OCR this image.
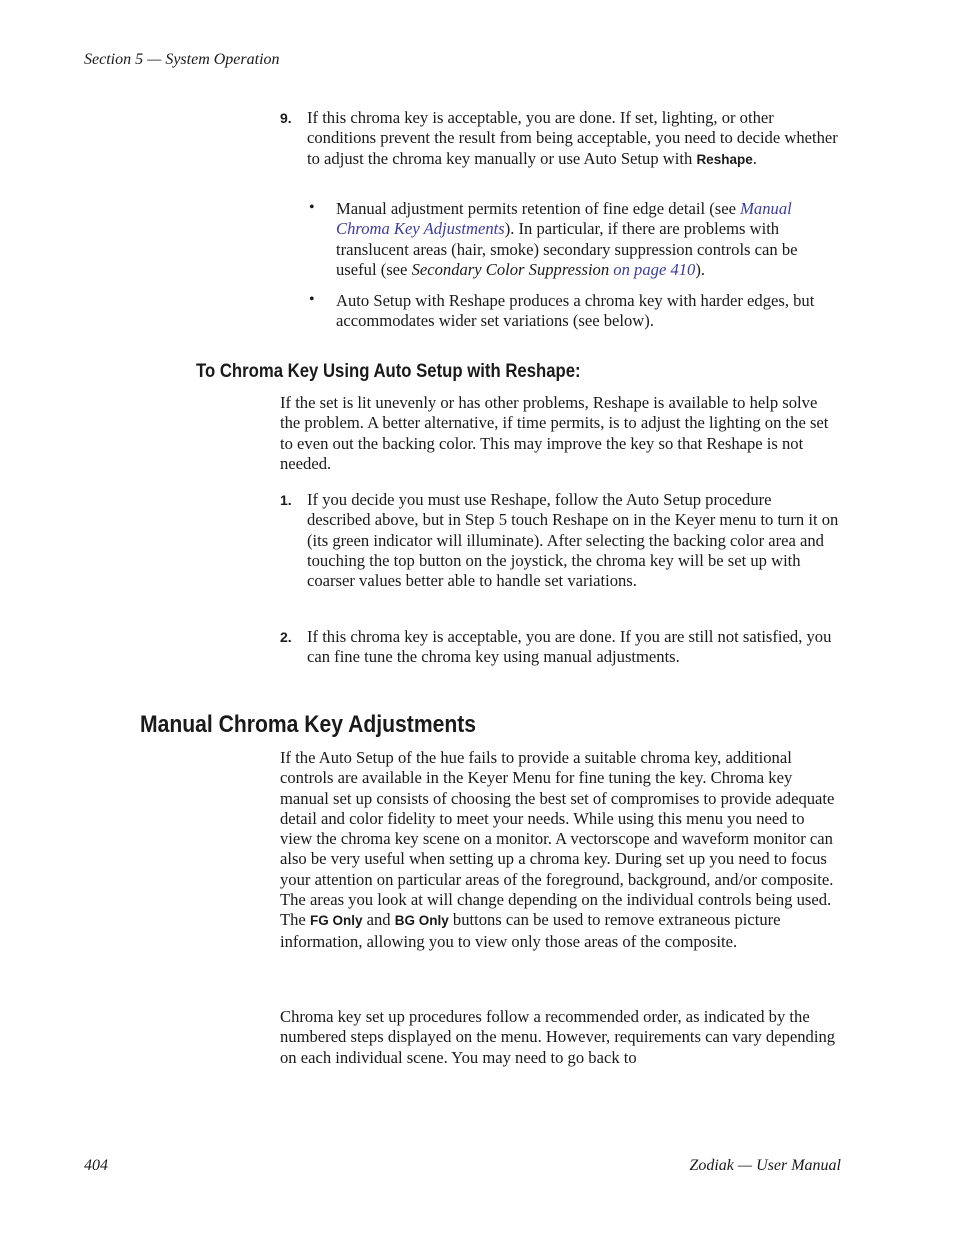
Section 5 — System Operation
9. If this chroma key is acceptable, you are done. If set, lighting, or other conditions prevent the result from being acceptable, you need to decide whether to adjust the chroma key manually or use Auto Setup with Reshape.
• Manual adjustment permits retention of fine edge detail (see Manual Chroma Key Adjustments). In particular, if there are problems with translucent areas (hair, smoke) secondary suppression controls can be useful (see Secondary Color Suppression on page 410).
• Auto Setup with Reshape produces a chroma key with harder edges, but accommodates wider set variations (see below).
To Chroma Key Using Auto Setup with Reshape:
If the set is lit unevenly or has other problems, Reshape is available to help solve the problem. A better alternative, if time permits, is to adjust the lighting on the set to even out the backing color. This may improve the key so that Reshape is not needed.
1. If you decide you must use Reshape, follow the Auto Setup procedure described above, but in Step 5 touch Reshape on in the Keyer menu to turn it on (its green indicator will illuminate). After selecting the backing color area and touching the top button on the joystick, the chroma key will be set up with coarser values better able to handle set variations.
2. If this chroma key is acceptable, you are done. If you are still not satisfied, you can fine tune the chroma key using manual adjustments.
Manual Chroma Key Adjustments
If the Auto Setup of the hue fails to provide a suitable chroma key, additional controls are available in the Keyer Menu for fine tuning the key. Chroma key manual set up consists of choosing the best set of compromises to provide adequate detail and color fidelity to meet your needs. While using this menu you need to view the chroma key scene on a monitor. A vectorscope and waveform monitor can also be very useful when setting up a chroma key. During set up you need to focus your attention on particular areas of the foreground, background, and/or composite. The areas you look at will change depending on the individual controls being used. The FG Only and BG Only buttons can be used to remove extraneous picture information, allowing you to view only those areas of the composite.
Chroma key set up procedures follow a recommended order, as indicated by the numbered steps displayed on the menu. However, requirements can vary depending on each individual scene. You may need to go back to
404	Zodiak — User Manual
